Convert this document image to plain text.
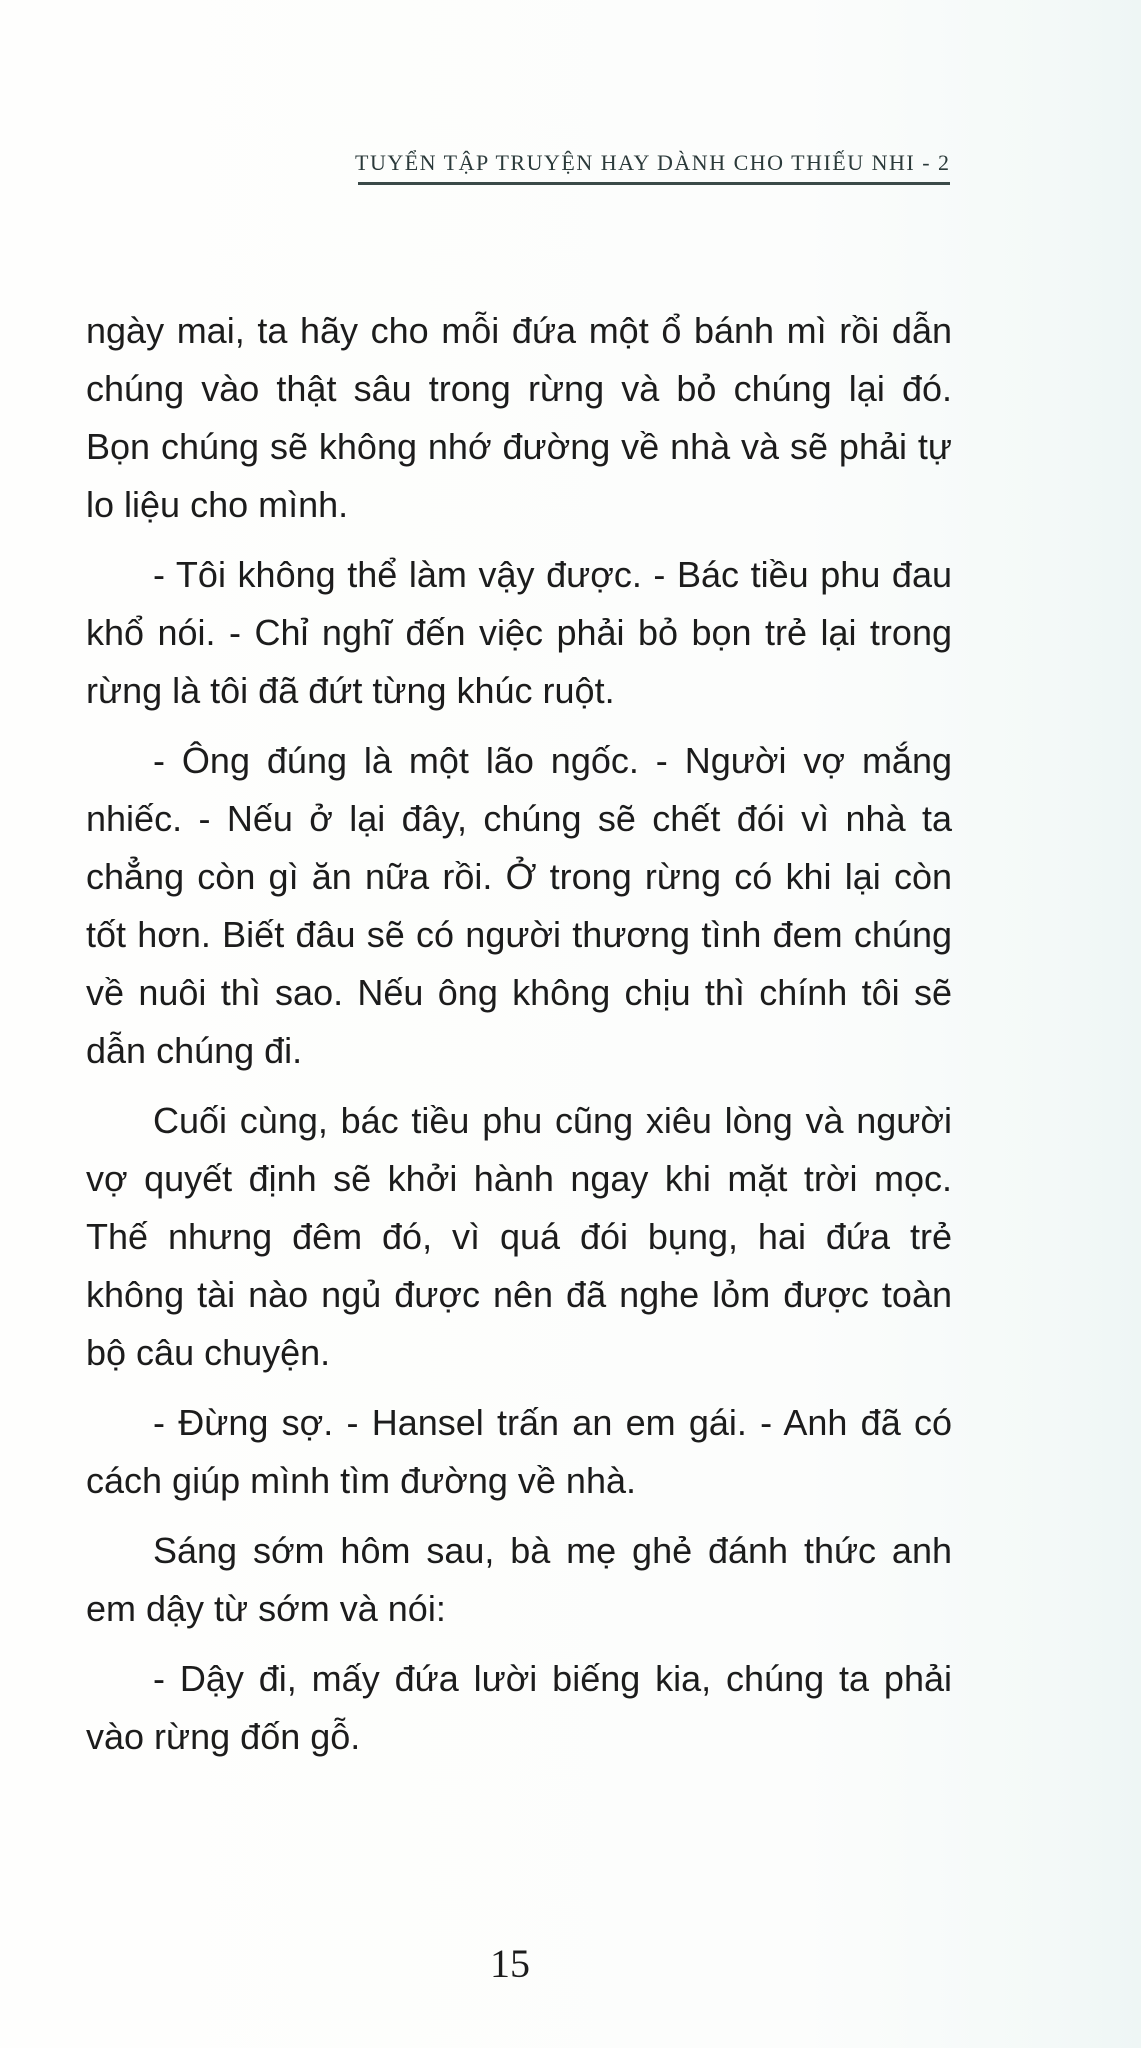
TUYỂN TẬP TRUYỆN HAY DÀNH CHO THIẾU NHI - 2

ngày mai, ta hãy cho mỗi đứa một ổ bánh mì rồi dẫn chúng vào thật sâu trong rừng và bỏ chúng lại đó. Bọn chúng sẽ không nhớ đường về nhà và sẽ phải tự lo liệu cho mình.

- Tôi không thể làm vậy được. - Bác tiều phu đau khổ nói. - Chỉ nghĩ đến việc phải bỏ bọn trẻ lại trong rừng là tôi đã đứt từng khúc ruột.

- Ông đúng là một lão ngốc. - Người vợ mắng nhiếc. - Nếu ở lại đây, chúng sẽ chết đói vì nhà ta chẳng còn gì ăn nữa rồi. Ở trong rừng có khi lại còn tốt hơn. Biết đâu sẽ có người thương tình đem chúng về nuôi thì sao. Nếu ông không chịu thì chính tôi sẽ dẫn chúng đi.

Cuối cùng, bác tiều phu cũng xiêu lòng và người vợ quyết định sẽ khởi hành ngay khi mặt trời mọc. Thế nhưng đêm đó, vì quá đói bụng, hai đứa trẻ không tài nào ngủ được nên đã nghe lỏm được toàn bộ câu chuyện.

- Đừng sợ. - Hansel trấn an em gái. - Anh đã có cách giúp mình tìm đường về nhà.

Sáng sớm hôm sau, bà mẹ ghẻ đánh thức anh em dậy từ sớm và nói:

- Dậy đi, mấy đứa lười biếng kia, chúng ta phải vào rừng đốn gỗ.

15
